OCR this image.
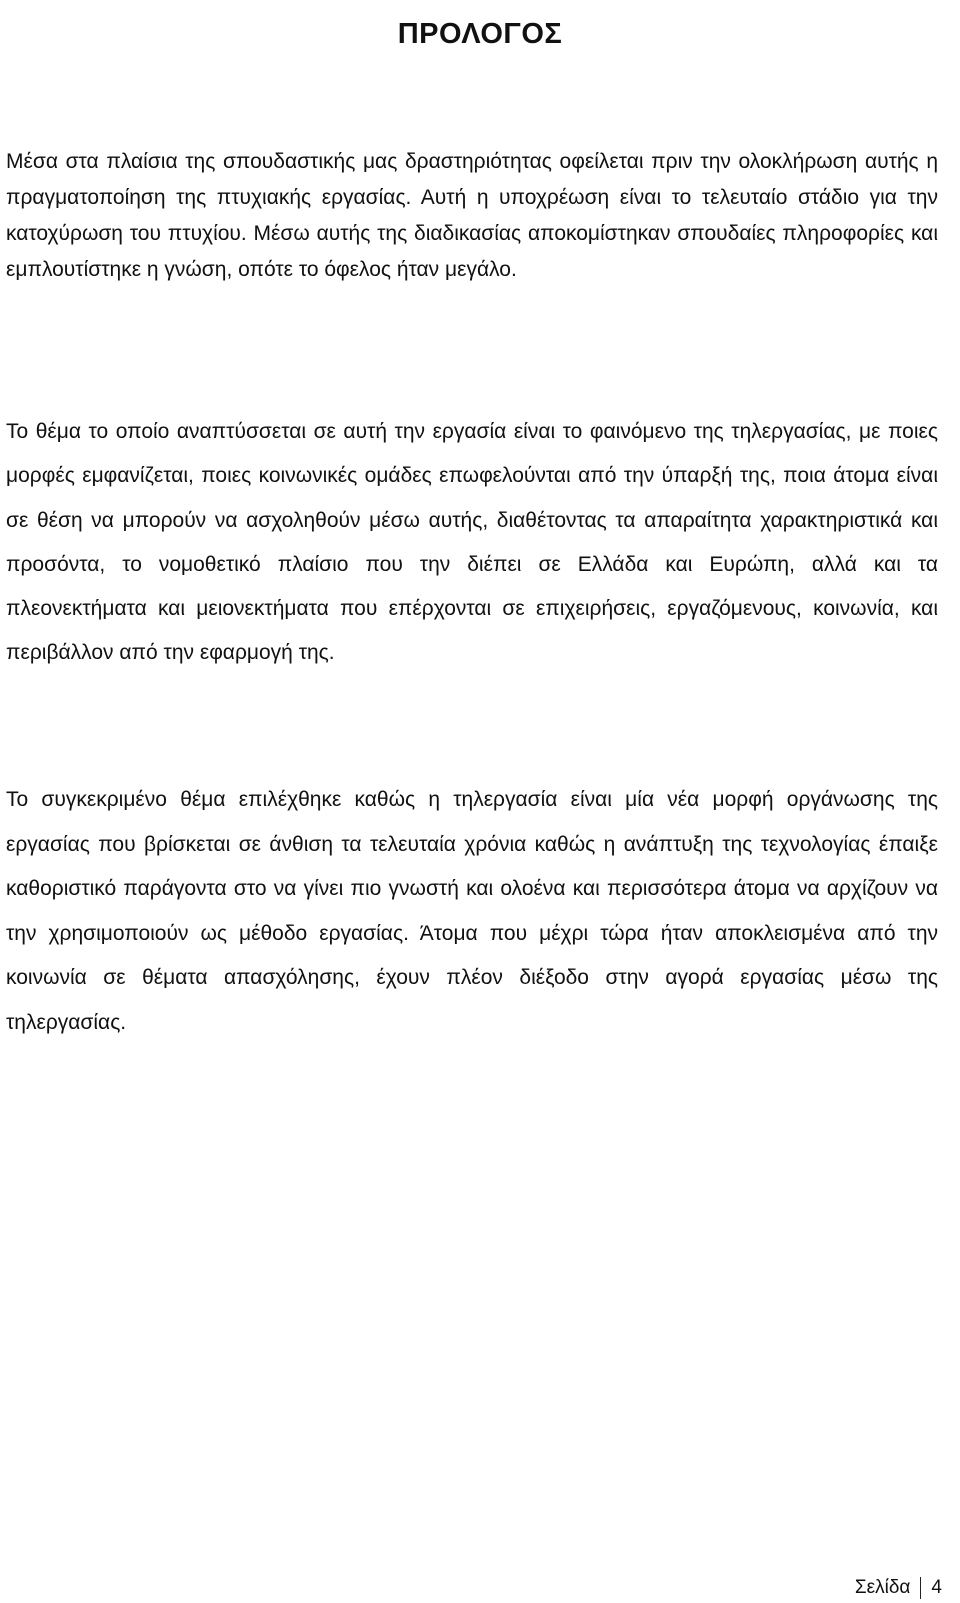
ΠΡΟΛΟΓΟΣ

Μέσα στα πλαίσια της σπουδαστικής μας δραστηριότητας οφείλεται πριν την ολοκλήρωση αυτής η πραγματοποίηση της πτυχιακής εργασίας. Αυτή η υποχρέωση είναι το τελευταίο στάδιο για την κατοχύρωση του πτυχίου. Μέσω αυτής της διαδικασίας αποκομίστηκαν σπουδαίες πληροφορίες και εμπλουτίστηκε η γνώση, οπότε το όφελος ήταν μεγάλο.

Το θέμα το οποίο αναπτύσσεται σε αυτή την εργασία είναι το φαινόμενο της τηλεργασίας, με ποιες μορφές εμφανίζεται, ποιες κοινωνικές ομάδες επωφελούνται από την ύπαρξή της, ποια άτομα είναι σε θέση να μπορούν να ασχοληθούν μέσω αυτής, διαθέτοντας τα απαραίτητα χαρακτηριστικά και προσόντα, το νομοθετικό πλαίσιο που την διέπει σε Ελλάδα και Ευρώπη, αλλά και τα πλεονεκτήματα και μειονεκτήματα που επέρχονται σε επιχειρήσεις, εργαζόμενους, κοινωνία, και περιβάλλον από την εφαρμογή της.

Το συγκεκριμένο θέμα επιλέχθηκε καθώς η τηλεργασία είναι μία νέα μορφή οργάνωσης της εργασίας που βρίσκεται σε άνθιση τα τελευταία χρόνια καθώς η ανάπτυξη της τεχνολογίας έπαιξε καθοριστικό παράγοντα στο να γίνει πιο γνωστή και ολοένα και περισσότερα άτομα να αρχίζουν να την χρησιμοποιούν ως μέθοδο εργασίας. Άτομα που μέχρι τώρα ήταν αποκλεισμένα από την κοινωνία σε θέματα απασχόλησης, έχουν πλέον διέξοδο στην αγορά εργασίας μέσω της τηλεργασίας.

Σελίδα 4
